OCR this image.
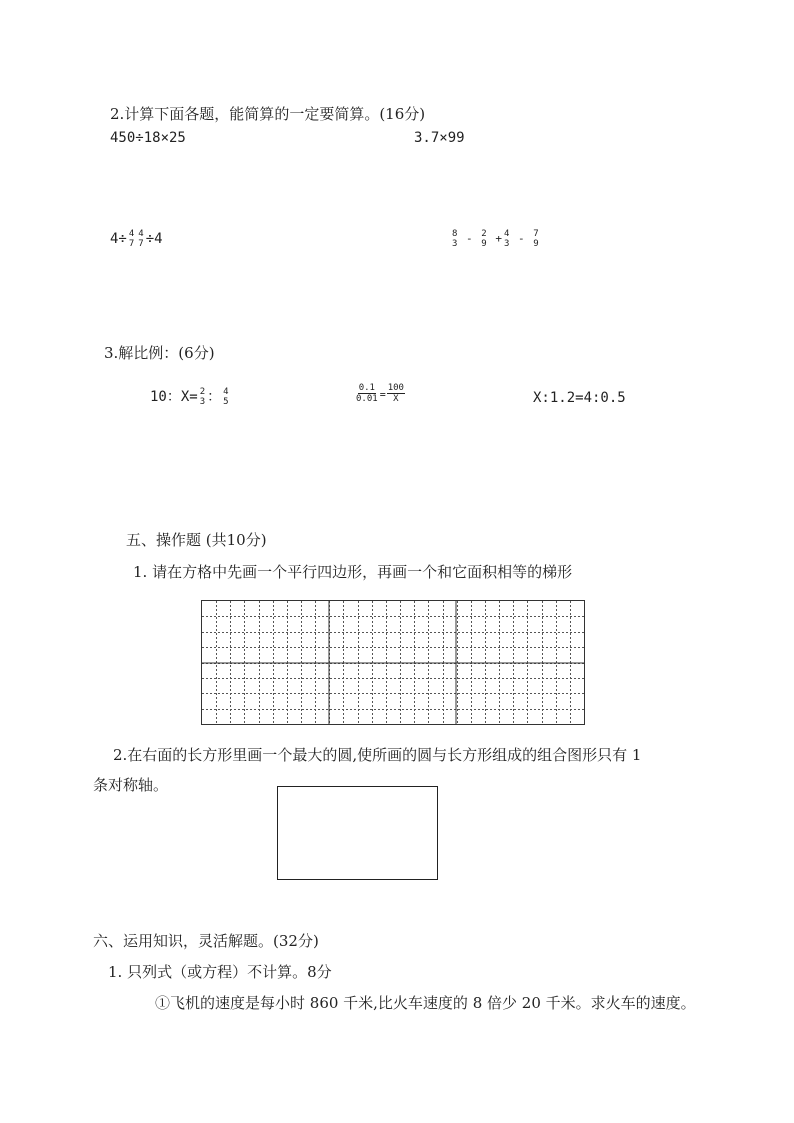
2.计算下面各题，能简算的一定要简算。(16分)
450÷18×25	3.7×99
4÷ 4
7
4
7 ÷4	8
3 - 2
9 + 4
3 - 7
9
3.解比例：(6分)
10：X= 2
3 ： 4
5	$\frac{0.1}{0.01} = \frac{100}{X}$	X:1.2=4:0.5
五、操作题 (共10分)
1. 请在方格中先画一个平行四边形，再画一个和它面积相等的梯形
2.在右面的长方形里画一个最大的圆,使所画的圆与长方形组成的组合图形只有 1
条对称轴。
六、运用知识，灵活解题。(32分)
1. 只列式（或方程）不计算。8分
①飞机的速度是每小时 860 千米,比火车速度的 8 倍少 20 千米。求火车的速度。
